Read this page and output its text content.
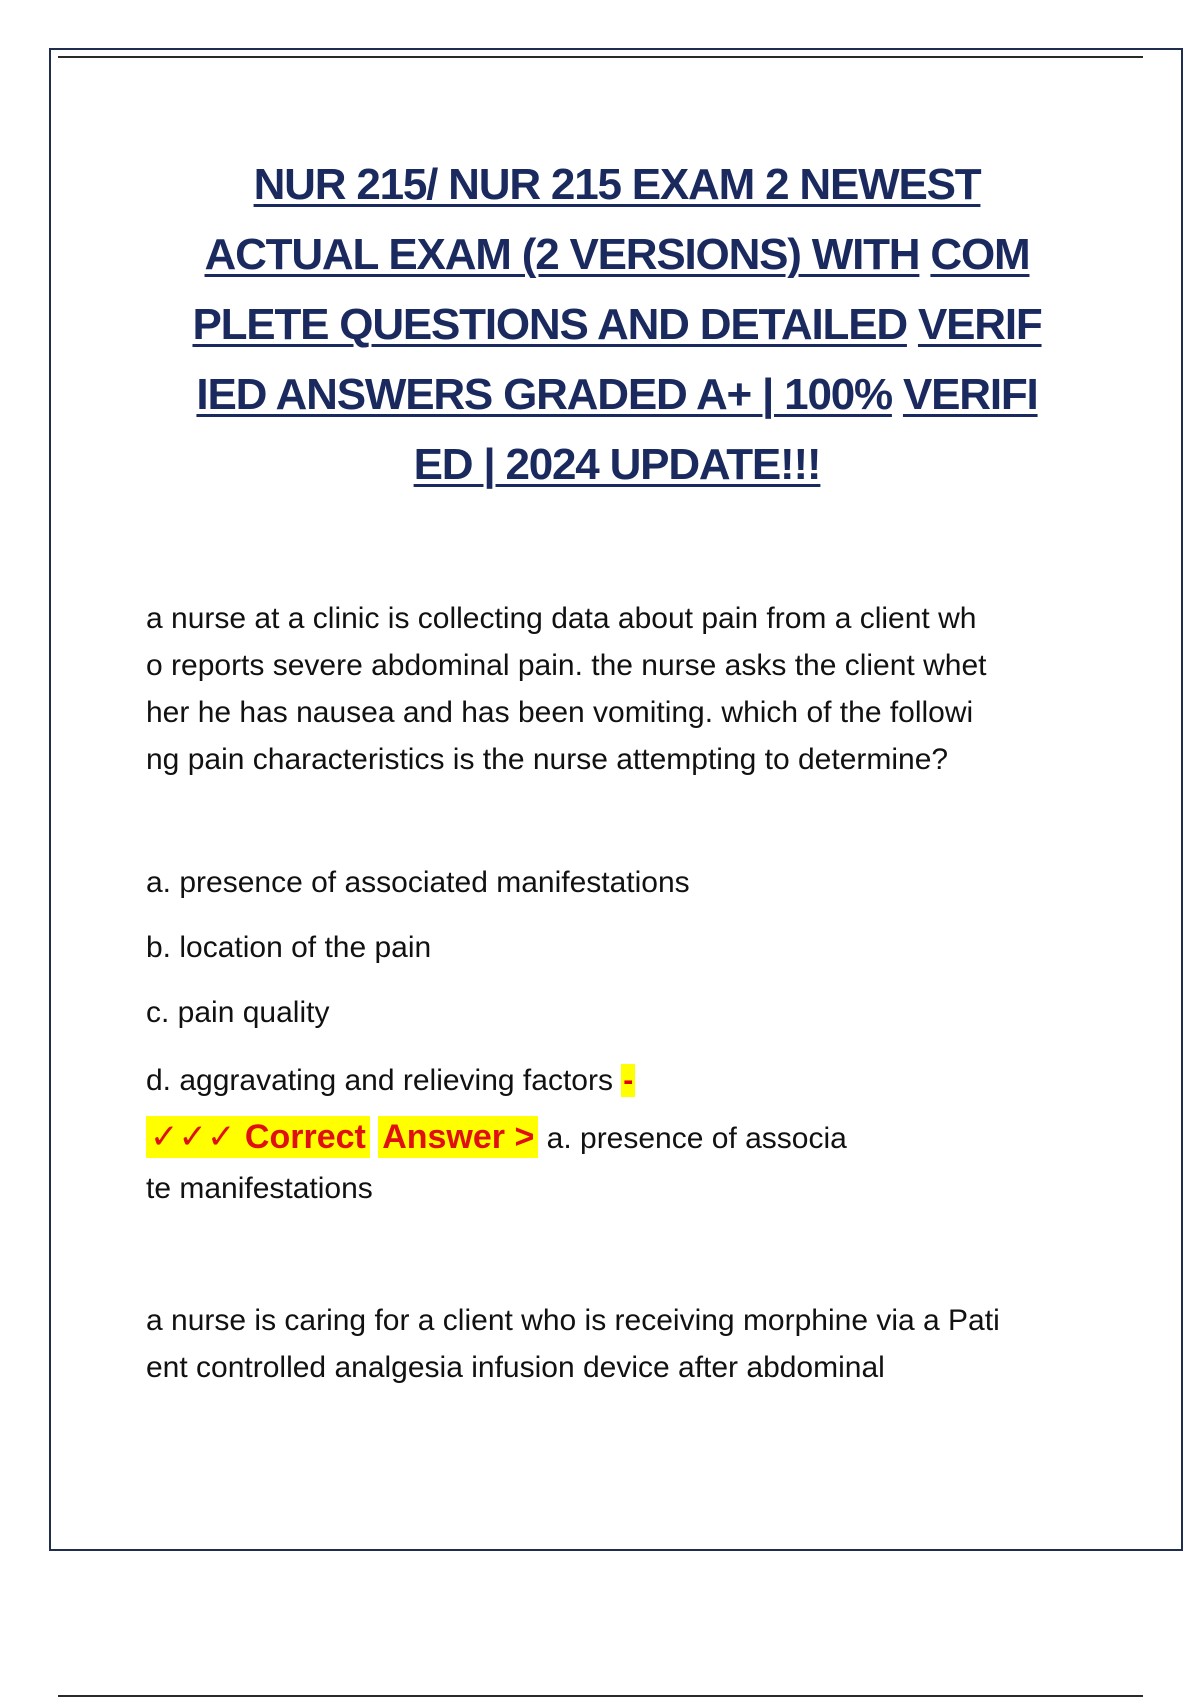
NUR 215/ NUR 215 EXAM 2 NEWEST
ACTUAL EXAM (2 VERSIONS) WITH COM
PLETE QUESTIONS AND DETAILED VERIF
IED ANSWERS GRADED A+ | 100% VERIFI
ED | 2024 UPDATE!!!
a nurse at a clinic is collecting data about pain from a client wh
o reports severe abdominal pain. the nurse asks the client whet
her he has nausea and has been vomiting. which of the followi
ng pain characteristics is the nurse attempting to determine?
a. presence of associated manifestations
b. location of the pain
c. pain quality
d. aggravating and relieving factors -
✓✓✓ Correct Answer > a. presence of associa
te manifestations
a nurse is caring for a client who is receiving morphine via a Pati
ent controlled analgesia infusion device after abdominal
